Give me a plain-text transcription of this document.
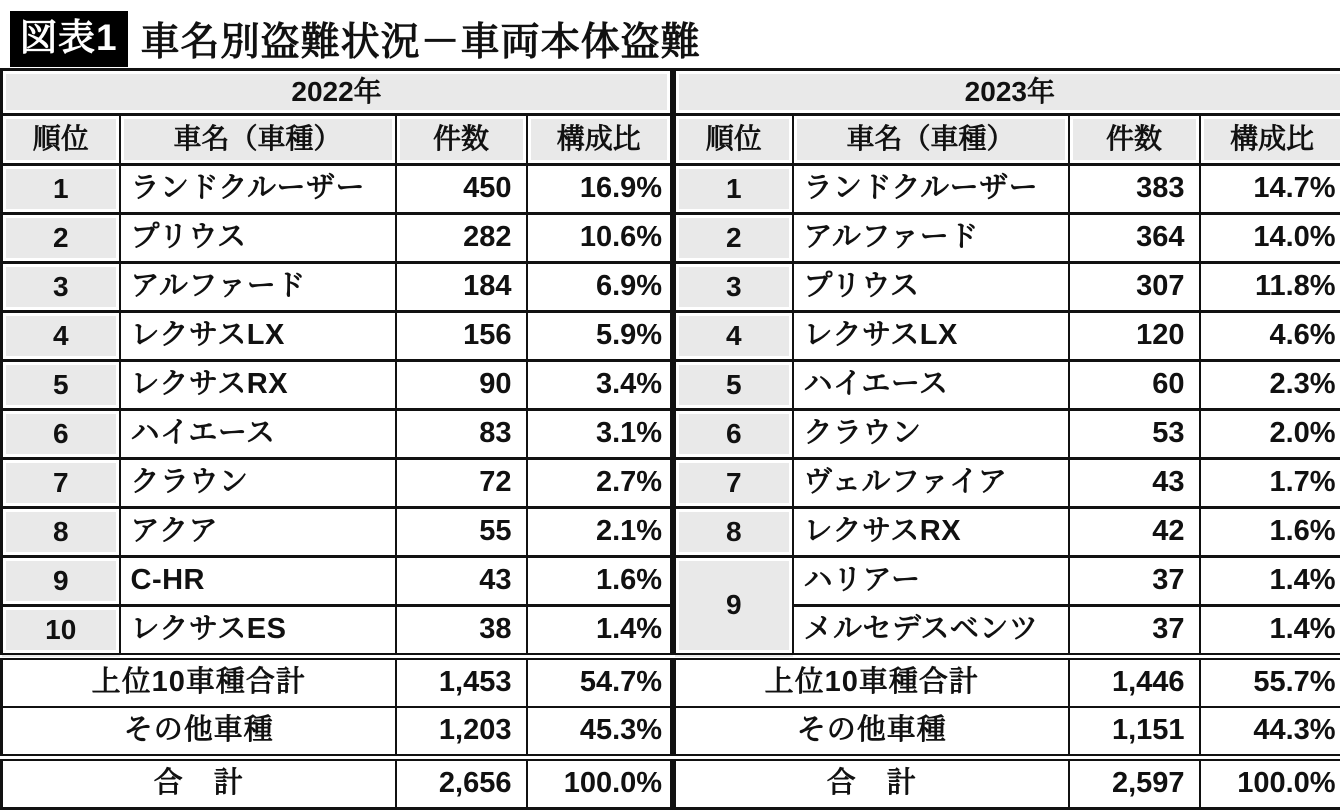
図表1 車名別盗難状況－車両本体盗難
2022年			
順位	車名（車種）	件数	構成比
1	ランドクルーザー	450	16.9%
2	プリウス	282	10.6%
3	アルファード	184	6.9%
4	レクサスLX	156	5.9%
5	レクサスRX	90	3.4%
6	ハイエース	83	3.1%
7	クラウン	72	2.7%
8	アクア	55	2.1%
9	C-HR	43	1.6%
10	レクサスES	38	1.4%
上位10車種合計		1,453	54.7%
その他車種		1,203	45.3%
合　計		2,656	100.0%
2023年			
順位	車名（車種）	件数	構成比
1	ランドクルーザー	383	14.7%
2	アルファード	364	14.0%
3	プリウス	307	11.8%
4	レクサスLX	120	4.6%
5	ハイエース	60	2.3%
6	クラウン	53	2.0%
7	ヴェルファイア	43	1.7%
8	レクサスRX	42	1.6%
9	ハリアー	37	1.4%
	メルセデスベンツ	37	1.4%
上位10車種合計		1,446	55.7%
その他車種		1,151	44.3%
合　計		2,597	100.0%
